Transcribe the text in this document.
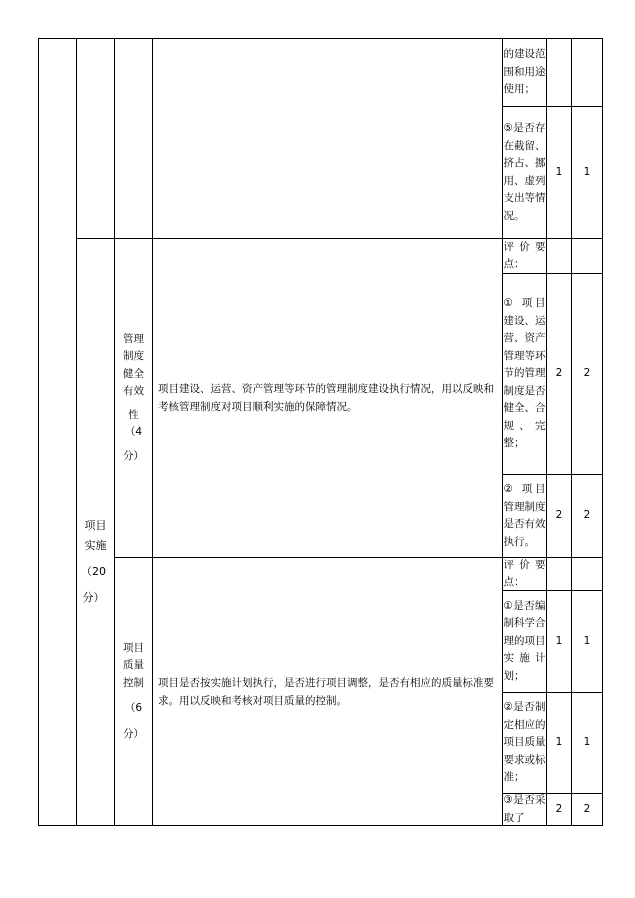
的建设范围和用途使用；
⑤是否存在截留、挤占、挪用、虚列支出等情况。
1 1
项目
实施
（20
分）
管理
制度
健全
有效
性（4
分）
项目建设、运营、资产管理等环节的管理制度建设执行情况，用以反映和考核管理制度对项目顺利实施的保障情况。
评价要点：
① 项目建设、运营、资产管理等环节的管理制度是否健全、合规、完整；
2 2
② 项目管理制度是否有效执行。
2 2
项目
质量
控制
（6
分）
项目是否按实施计划执行，是否进行项目调整，是否有相应的质量标准要求。用以反映和考核对项目质量的控制。
评价要点：
①是否编制科学合理的项目实施计划；
1 1
②是否制定相应的项目质量要求或标准；
1 1
③是否采取了
2 2
